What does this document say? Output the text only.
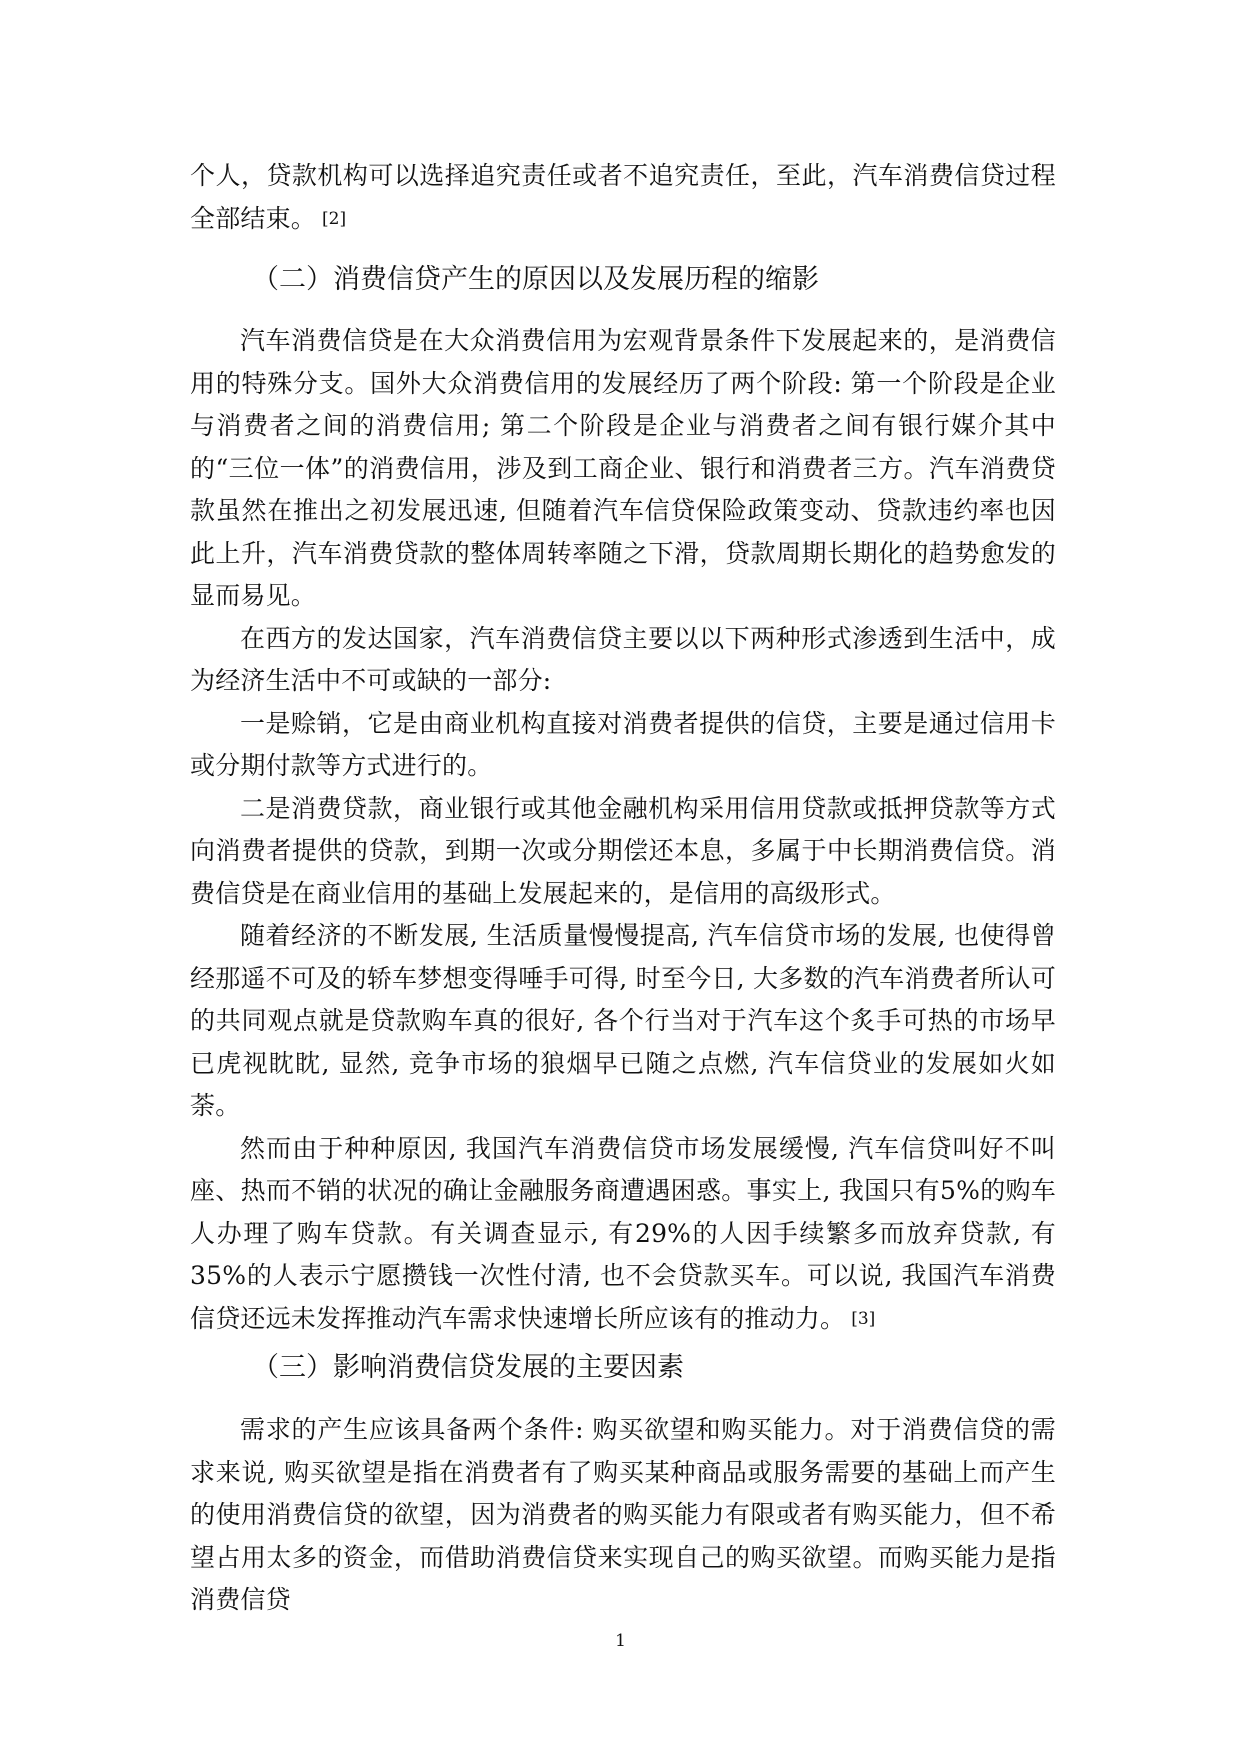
个人，贷款机构可以选择追究责任或者不追究责任，至此，汽车消费信贷过程全部结束。 [2]

（二）消费信贷产生的原因以及发展历程的缩影

汽车消费信贷是在大众消费信用为宏观背景条件下发展起来的，是消费信用的特殊分支。国外大众消费信用的发展经历了两个阶段: 第一个阶段是企业与消费者之间的消费信用; 第二个阶段是企业与消费者之间有银行媒介其中的“三位一体”的消费信用，涉及到工商企业、银行和消费者三方。汽车消费贷款虽然在推出之初发展迅速, 但随着汽车信贷保险政策变动、贷款违约率也因此上升，汽车消费贷款的整体周转率随之下滑，贷款周期长期化的趋势愈发的显而易见。

在西方的发达国家，汽车消费信贷主要以以下两种形式渗透到生活中，成为经济生活中不可或缺的一部分:

一是赊销，它是由商业机构直接对消费者提供的信贷，主要是通过信用卡或分期付款等方式进行的。

二是消费贷款，商业银行或其他金融机构采用信用贷款或抵押贷款等方式向消费者提供的贷款，到期一次或分期偿还本息，多属于中长期消费信贷。消费信贷是在商业信用的基础上发展起来的，是信用的高级形式。

随着经济的不断发展, 生活质量慢慢提高, 汽车信贷市场的发展, 也使得曾经那遥不可及的轿车梦想变得唾手可得, 时至今日, 大多数的汽车消费者所认可的共同观点就是贷款购车真的很好, 各个行当对于汽车这个炙手可热的市场早已虎视眈眈, 显然, 竞争市场的狼烟早已随之点燃, 汽车信贷业的发展如火如荼。

然而由于种种原因, 我国汽车消费信贷市场发展缓慢, 汽车信贷叫好不叫座、热而不销的状况的确让金融服务商遭遇困惑。事实上, 我国只有5%的购车人办理了购车贷款。有关调查显示, 有29%的人因手续繁多而放弃贷款, 有35%的人表示宁愿攒钱一次性付清, 也不会贷款买车。可以说, 我国汽车消费信贷还远未发挥推动汽车需求快速增长所应该有的推动力。 [3]

（三）影响消费信贷发展的主要因素

需求的产生应该具备两个条件: 购买欲望和购买能力。对于消费信贷的需求来说, 购买欲望是指在消费者有了购买某种商品或服务需要的基础上而产生的使用消费信贷的欲望，因为消费者的购买能力有限或者有购买能力，但不希望占用太多的资金，而借助消费信贷来实现自己的购买欲望。而购买能力是指消费信贷

1
